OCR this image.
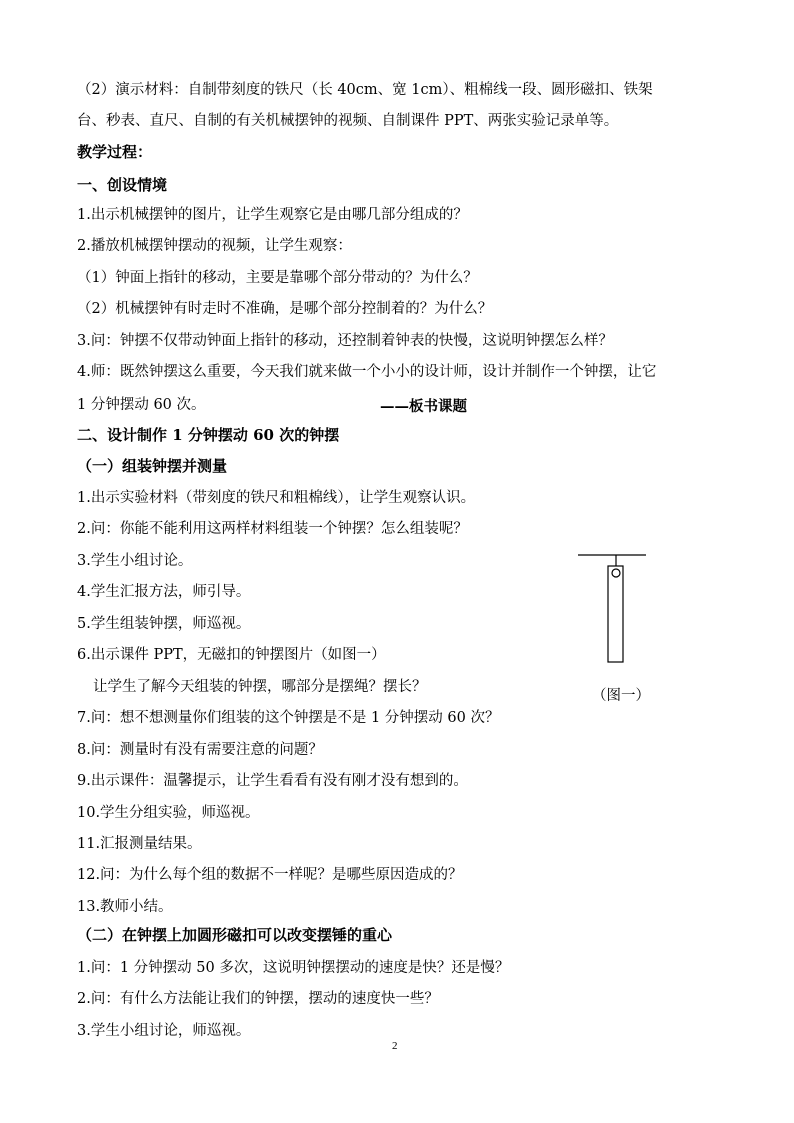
（2）演示材料：自制带刻度的铁尺（长 40cm、宽 1cm）、粗棉线一段、圆形磁扣、铁架
台、秒表、直尺、自制的有关机械摆钟的视频、自制课件 PPT、两张实验记录单等。
教学过程：
一、创设情境
1.出示机械摆钟的图片，让学生观察它是由哪几部分组成的？
2.播放机械摆钟摆动的视频，让学生观察：
（1）钟面上指针的移动，主要是靠哪个部分带动的？为什么？
（2）机械摆钟有时走时不准确，是哪个部分控制着的？为什么？
3.问：钟摆不仅带动钟面上指针的移动，还控制着钟表的快慢，这说明钟摆怎么样？
4.师：既然钟摆这么重要，今天我们就来做一个小小的设计师，设计并制作一个钟摆，让它
1 分钟摆动 60 次。	——板书课题
二、设计制作 1 分钟摆动 60 次的钟摆
（一）组装钟摆并测量
1.出示实验材料（带刻度的铁尺和粗棉线），让学生观察认识。
2.问：你能不能利用这两样材料组装一个钟摆？怎么组装呢？
3.学生小组讨论。
4.学生汇报方法，师引导。
5.学生组装钟摆，师巡视。
6.出示课件 PPT，无磁扣的钟摆图片（如图一）
让学生了解今天组装的钟摆，哪部分是摆绳？摆长？
7.问：想不想测量你们组装的这个钟摆是不是 1 分钟摆动 60 次？
8.问：测量时有没有需要注意的问题？
9.出示课件：温馨提示，让学生看看有没有刚才没有想到的。
10.学生分组实验，师巡视。
11.汇报测量结果。
12.问：为什么每个组的数据不一样呢？是哪些原因造成的？
13.教师小结。
（二）在钟摆上加圆形磁扣可以改变摆锤的重心
1.问：1 分钟摆动 50 多次，这说明钟摆摆动的速度是快？还是慢？
2.问：有什么方法能让我们的钟摆，摆动的速度快一些？
3.学生小组讨论，师巡视。
（图一）
2
